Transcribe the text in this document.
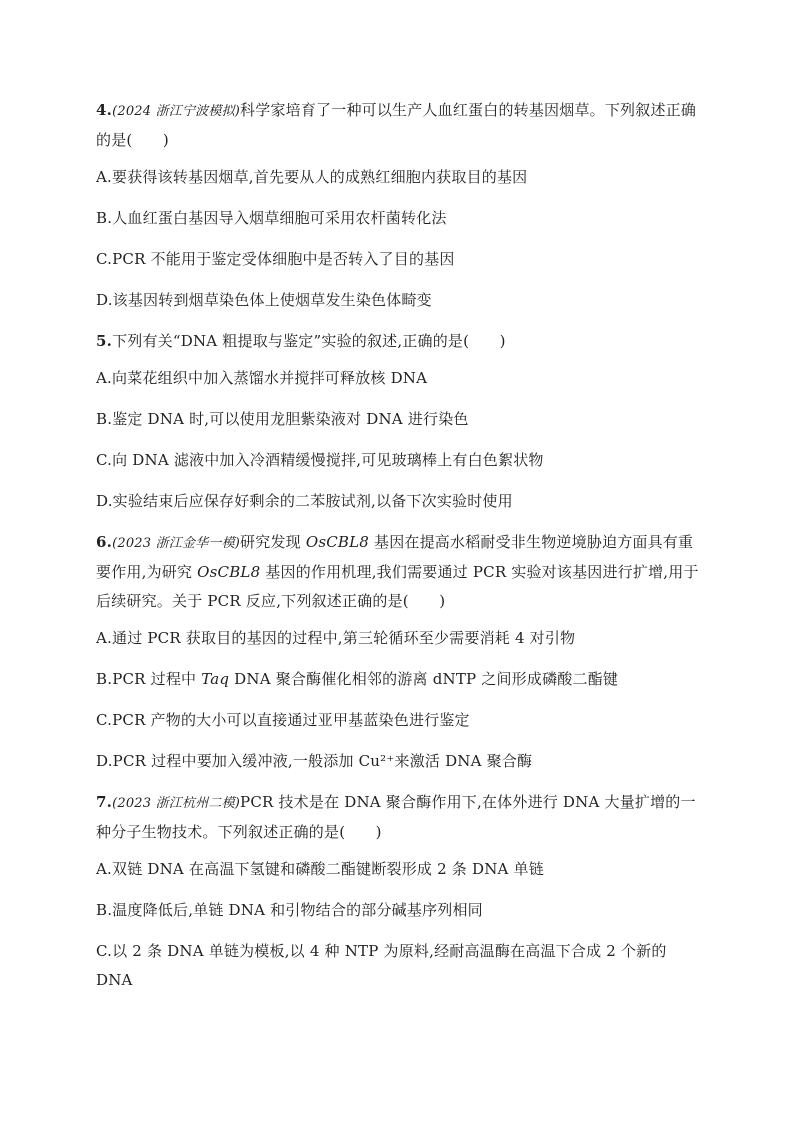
4.(2024 浙江宁波模拟)科学家培育了一种可以生产人血红蛋白的转基因烟草。下列叙述正确的是(　　)
A.要获得该转基因烟草,首先要从人的成熟红细胞内获取目的基因
B.人血红蛋白基因导入烟草细胞可采用农杆菌转化法
C.PCR 不能用于鉴定受体细胞中是否转入了目的基因
D.该基因转到烟草染色体上使烟草发生染色体畸变
5.下列有关“DNA 粗提取与鉴定”实验的叙述,正确的是(　　)
A.向菜花组织中加入蒸馏水并搅拌可释放核 DNA
B.鉴定 DNA 时,可以使用龙胆紫染液对 DNA 进行染色
C.向 DNA 滤液中加入冷酒精缓慢搅拌,可见玻璃棒上有白色絮状物
D.实验结束后应保存好剩余的二苯胺试剂,以备下次实验时使用
6.(2023 浙江金华一模)研究发现 OsCBL8 基因在提高水稻耐受非生物逆境胁迫方面具有重要作用,为研究 OsCBL8 基因的作用机理,我们需要通过 PCR 实验对该基因进行扩增,用于后续研究。关于 PCR 反应,下列叙述正确的是(　　)
A.通过 PCR 获取目的基因的过程中,第三轮循环至少需要消耗 4 对引物
B.PCR 过程中 Taq DNA 聚合酶催化相邻的游离 dNTP 之间形成磷酸二酯键
C.PCR 产物的大小可以直接通过亚甲基蓝染色进行鉴定
D.PCR 过程中要加入缓冲液,一般添加 Cu²⁺来激活 DNA 聚合酶
7.(2023 浙江杭州二模)PCR 技术是在 DNA 聚合酶作用下,在体外进行 DNA 大量扩增的一种分子生物技术。下列叙述正确的是(　　)
A.双链 DNA 在高温下氢键和磷酸二酯键断裂形成 2 条 DNA 单链
B.温度降低后,单链 DNA 和引物结合的部分碱基序列相同
C.以 2 条 DNA 单链为模板,以 4 种 NTP 为原料,经耐高温酶在高温下合成 2 个新的 DNA
